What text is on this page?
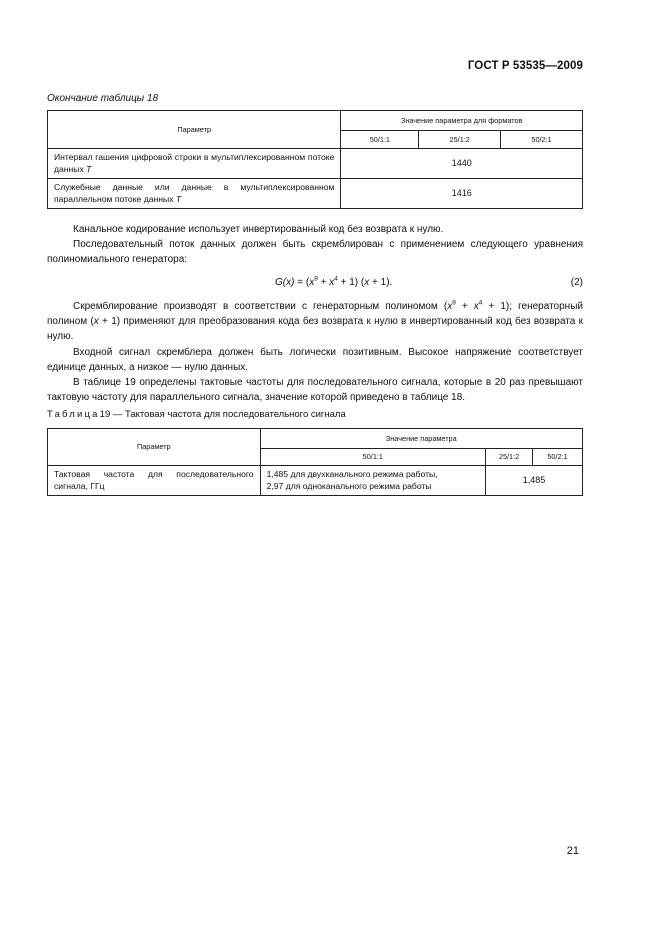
ГОСТ Р 53535—2009
Окончание таблицы 18
Параметр	Значение параметра для форматов		
	50/1:1	25/1:2	50/2:1
Интервал гашения цифровой строки в мультиплексированном потоке данных T	1440		
Служебные данные или данные в мультиплексированном параллельном потоке данных T	1416		

Канальное кодирование использует инвертированный код без возврата к нулю.

Последовательный поток данных должен быть скремблирован с применением следующего уравнения полиномиального генератора:

$G(x) = (x^9 + x^4 + 1) (x + 1)$.	(2)

Скремблирование производят в соответствии с генераторным полиномом $(x^9 + x^4 + 1)$; генераторный полином (x + 1) применяют для преобразования кода без возврата к нулю в инвертированный код без возврата к нулю.

Входной сигнал скремблера должен быть логически позитивным. Высокое напряжение соответствует единице данных, а низкое — нулю данных.

В таблице 19 определены тактовые частоты для последовательного сигнала, которые в 20 раз превышают тактовую частоту для параллельного сигнала, значение которой приведено в таблице 18.

Таблица19 — Тактовая частота для последовательного сигнала
Параметр	Значение параметра		
	50/1:1	25/1:2	50/2:1
Тактовая частота для последовательного сигнала, ГГц	1,485 для двухканального режима работы,
2,97 для одноканального режима работы	1,485	
21
